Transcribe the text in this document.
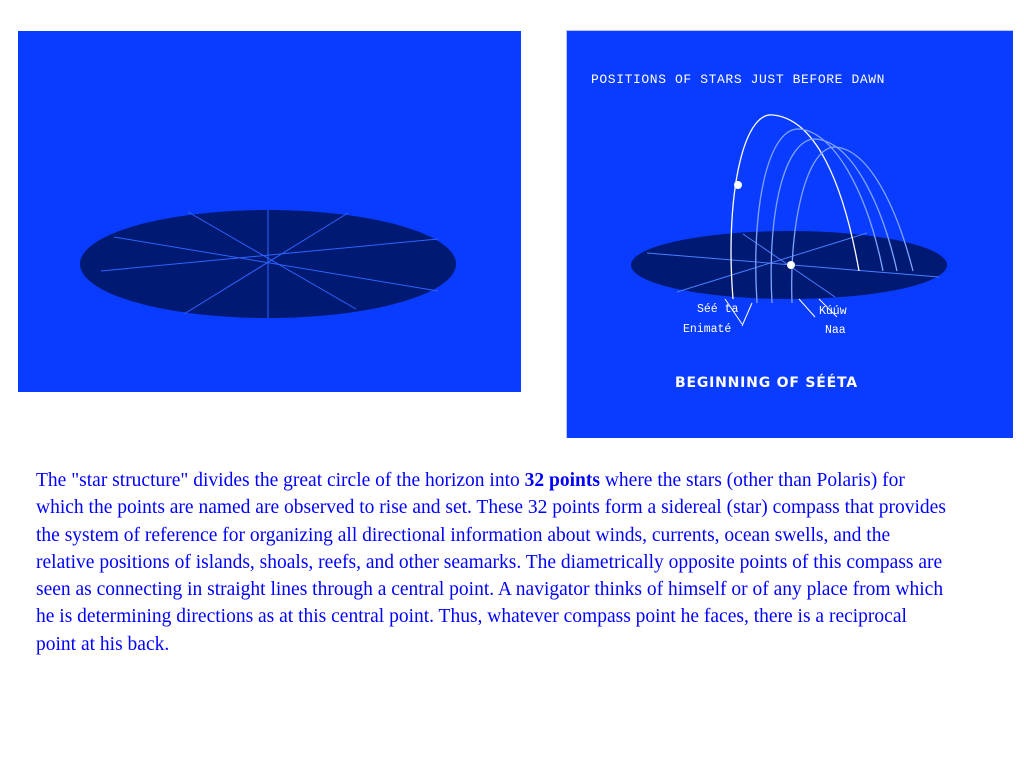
POSITIONS OF STARS JUST BEFORE DAWN
Séé ta
Enimaté
Kúúw
Naa
BEGINNING OF SÉÉTA

The "star structure" divides the great circle of the horizon into 32 points where the stars (other than Polaris) for which the points are named are observed to rise and set. These 32 points form a sidereal (star) compass that provides the system of reference for organizing all directional information about winds, currents, ocean swells, and the relative positions of islands, shoals, reefs, and other seamarks. The diametrically opposite points of this compass are seen as connecting in straight lines through a central point. A navigator thinks of himself or of any place from which he is determining directions as at this central point. Thus, whatever compass point he faces, there is a reciprocal point at his back.
